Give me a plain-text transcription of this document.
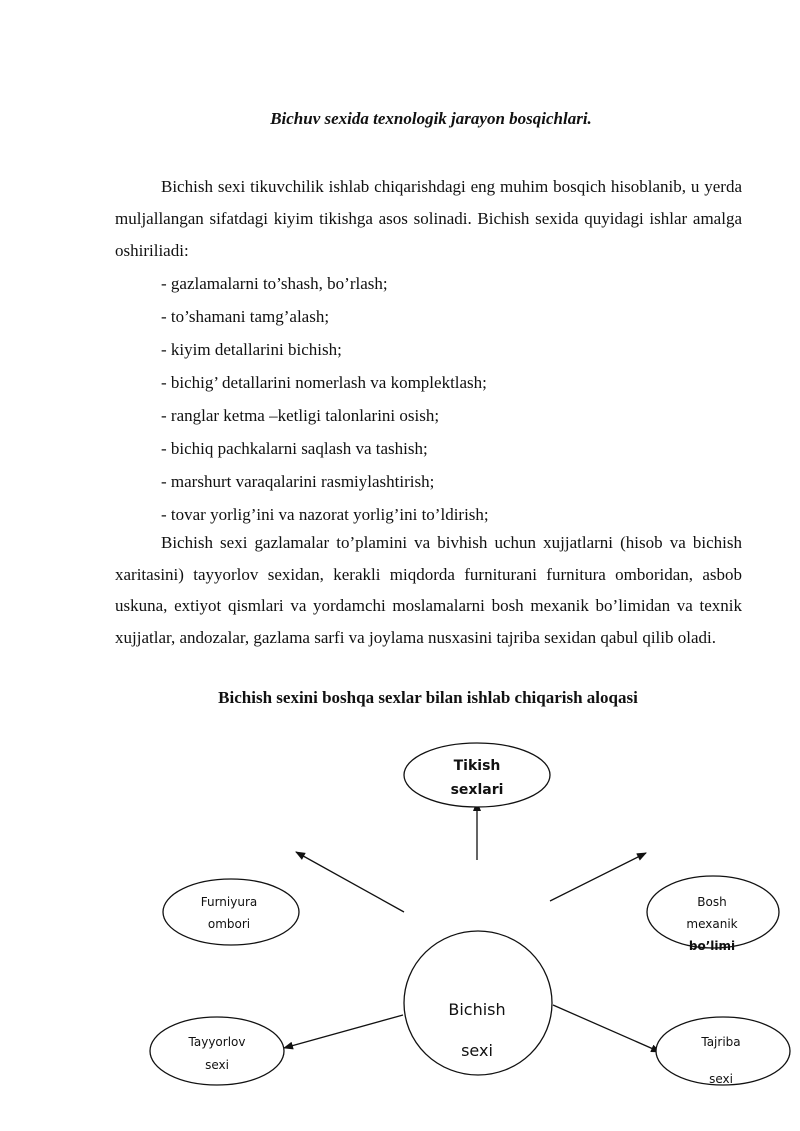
Bichuv sexida texnologik jarayon bosqichlari.

Bichish sexi tikuvchilik ishlab chiqarishdagi eng muhim bosqich hisoblanib, u yerda muljallangan sifatdagi kiyim tikishga asos solinadi. Bichish sexida quyidagi ishlar amalga oshiriliadi:

- gazlamalarni to’shash, bo’rlash;
- to’shamani tamg’alash;
- kiyim detallarini bichish;
- bichig’ detallarini nomerlash va komplektlash;
- ranglar ketma –ketligi talonlarini osish;
- bichiq pachkalarni saqlash va tashish;
- marshurt varaqalarini rasmiylashtirish;
- tovar yorlig’ini va nazorat yorlig’ini to’ldirish;

Bichish sexi gazlamalar to’plamini va bivhish uchun xujjatlarni (hisob va bichish xaritasini) tayyorlov sexidan, kerakli miqdorda furniturani furnitura omboridan, asbob uskuna, extiyot qismlari va yordamchi moslamalarni bosh mexanik bo’limidan va texnik xujjatlar, andozalar, gazlama sarfi va joylama nusxasini tajriba sexidan qabul qilib oladi.

Bichish sexini boshqa sexlar bilan ishlab chiqarish aloqasi
Tikish
sexlari
Furniyura
ombori
Bosh
mexanik
bo’limi
Bichish
sexi
Tayyorlov
sexi
Tajriba
sexi
